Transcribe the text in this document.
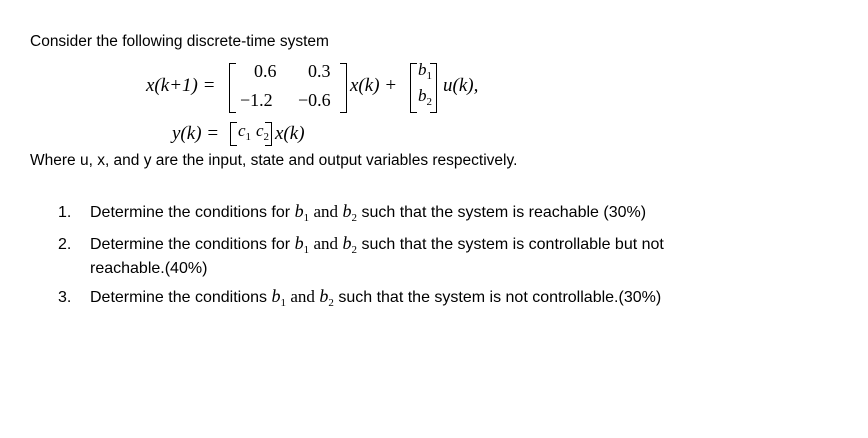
Consider the following discrete-time system
x(k+1) =
0.6 0.3
−1.2 −0.6
x(k) +
$b_1$
$b_2$
u(k),
$y(k) = c_1$ $c_2$ x(k)
Where u, x, and y are the input, state and output variables respectively.
1. Determine the conditions for $b_1$ and $b_2$ such that the system is reachable (30%)
2. Determine the conditions for $b_1$ and $b_2$ such that the system is controllable but not
reachable.(40%)
3. Determine the conditions $b_1$ and $b_2$ such that the system is not controllable.(30%)
